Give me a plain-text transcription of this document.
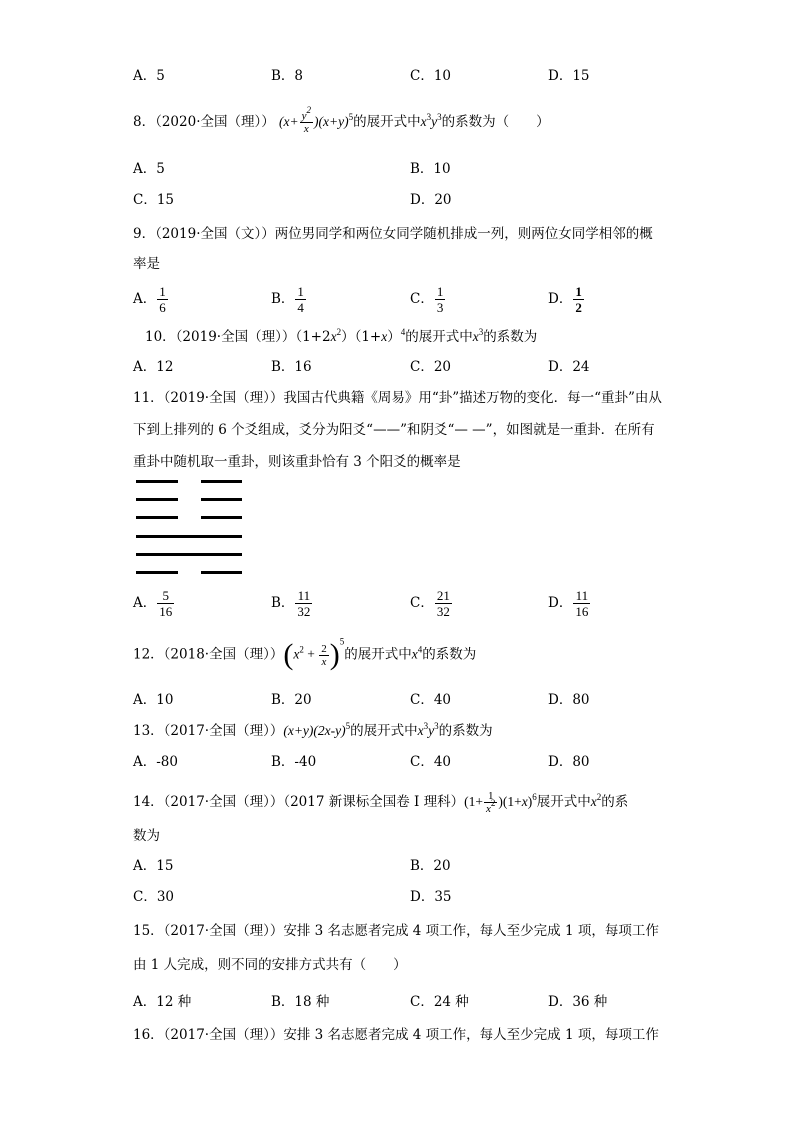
A．5	B．8	C．10	D．15
8．（2020·全国（理）） $(x+ \frac{y^2}{x} )(x+y)^5$的展开式中$x^3y^3$的系数为（　　）
A．5	B．10
C．15	D．20
9．（2019·全国（文））两位男同学和两位女同学随机排成一列，则两位女同学相邻的概
率是
A． $\frac{1}{6}$	B． $\frac{1}{4}$	C． $\frac{1}{3}$	D． $\frac{1}{2}$
10．（2019·全国（理））$(1+2x^2)(1+x)^4$的展开式中$x^3$的系数为
A．12	B．16	C．20	D．24
11．（2019·全国（理））我国古代典籍《周易》用“卦”描述万物的变化．每一“重卦”由从
下到上排列的 6 个爻组成，爻分为阳爻“——”和阴爻“— —”，如图就是一重卦．在所有
重卦中随机取一重卦，则该重卦恰有 3 个阳爻的概率是
A． $\frac{5}{16}$	B． $\frac{11}{32}$	C． $\frac{21}{32}$	D． $\frac{11}{16}$
12．（2018·全国（理））$(x^2 + \frac{2}{x} )^5$的展开式中$x^4$的系数为
A．10	B．20	C．40	D．80
13．（2017·全国（理））$(x+y)(2x-y)^5$的展开式中$x^3y^3$的系数为
A．-80	B．-40	C．40	D．80
14．（2017·全国（理））（2017 新课标全国卷 I 理科）$(1+ \frac{1}{x^2} )(1+x)^6$展开式中$x^2$的系
数为
A．15	B．20
C．30	D．35
15．（2017·全国（理））安排 3 名志愿者完成 4 项工作，每人至少完成 1 项，每项工作
由 1 人完成，则不同的安排方式共有（　　）
A．12 种	B．18 种	C．24 种	D．36 种
16．（2017·全国（理））安排 3 名志愿者完成 4 项工作，每人至少完成 1 项，每项工作
